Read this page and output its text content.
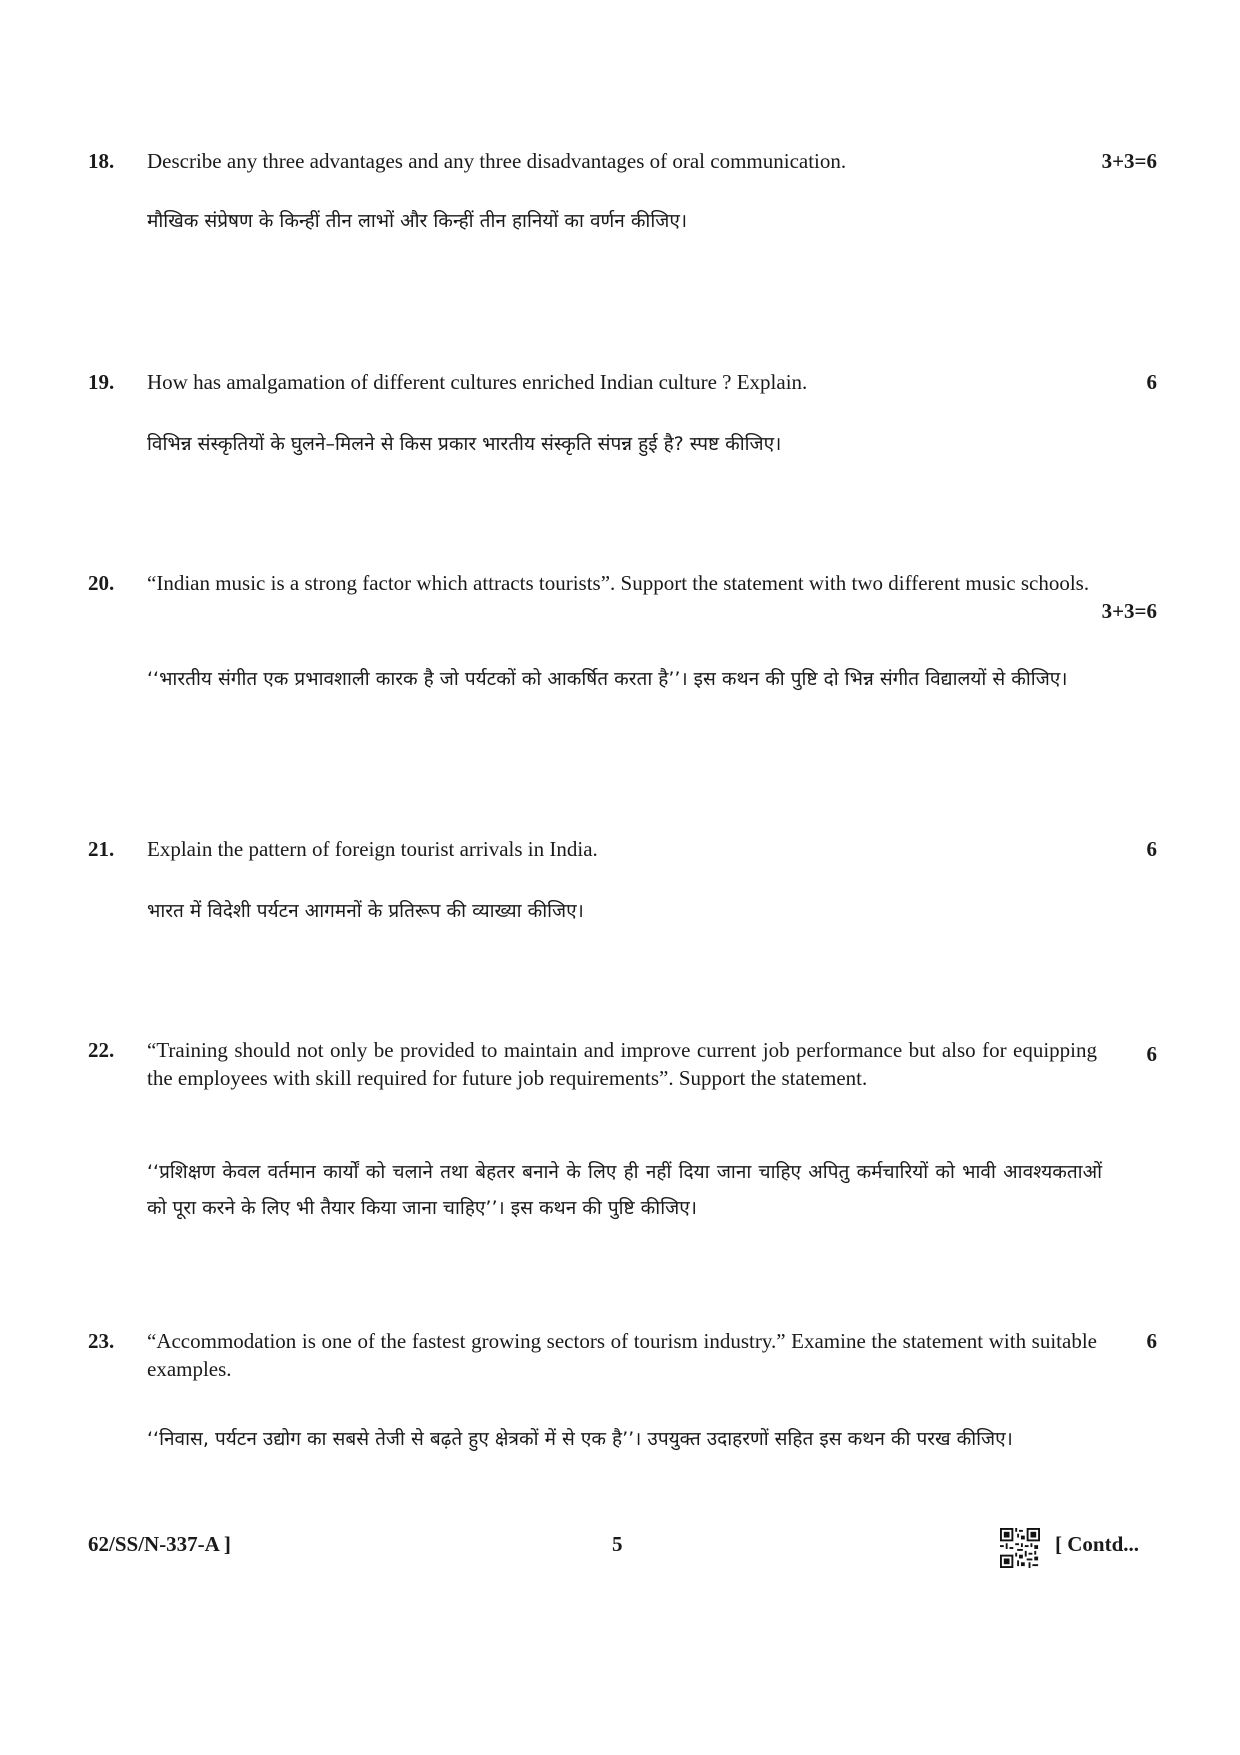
18. Describe any three advantages and any three disadvantages of oral communication.	3+3=6
मौखिक संप्रेषण के किन्हीं तीन लाभों और किन्हीं तीन हानियों का वर्णन कीजिए।
19. How has amalgamation of different cultures enriched Indian culture ? Explain.	6
विभिन्न संस्कृतियों के घुलने–मिलने से किस प्रकार भारतीय संस्कृति संपन्न हुई है? स्पष्ट कीजिए।
20. “Indian music is a strong factor which attracts tourists”. Support the statement with two different music schools.
3+3=6
‘‘भारतीय संगीत एक प्रभावशाली कारक है जो पर्यटकों को आकर्षित करता है’’। इस कथन की पुष्टि दो भिन्न संगीत विद्यालयों से कीजिए।
21. Explain the pattern of foreign tourist arrivals in India.	6
भारत में विदेशी पर्यटन आगमनों के प्रतिरूप की व्याख्या कीजिए।
22. “Training should not only be provided to maintain and improve current job performance but also for equipping the employees with skill required for future job requirements”. Support the statement.
6
‘‘प्रशिक्षण केवल वर्तमान कार्यों को चलाने तथा बेहतर बनाने के लिए ही नहीं दिया जाना चाहिए अपितु कर्मचारियों को भावी आवश्यकताओं को पूरा करने के लिए भी तैयार किया जाना चाहिए’’। इस कथन की पुष्टि कीजिए।
23. “Accommodation is one of the fastest growing sectors of tourism industry.” Examine the statement with suitable examples.
6
‘‘निवास, पर्यटन उद्योग का सबसे तेजी से बढ़ते हुए क्षेत्रकों में से एक है’’। उपयुक्त उदाहरणों सहित इस कथन की परख कीजिए।
62/SS/N-337-A ]	5	[ Contd...
